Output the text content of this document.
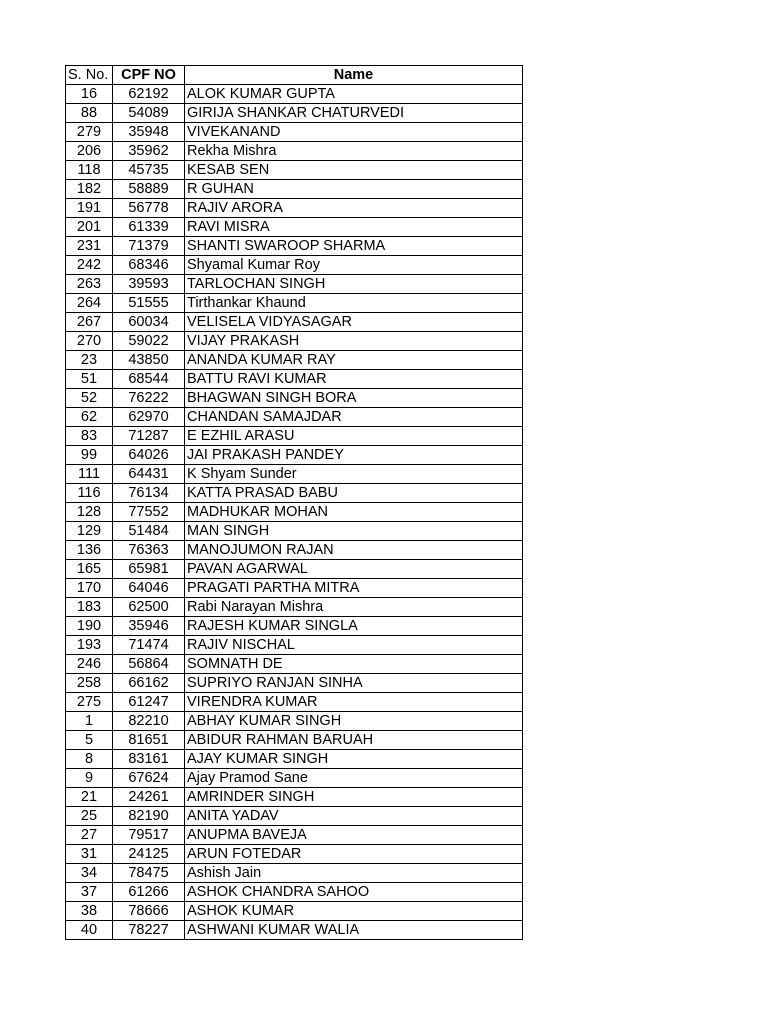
S. No.	CPF NO	Name
16	62192	ALOK KUMAR GUPTA
88	54089	GIRIJA SHANKAR CHATURVEDI
279	35948	VIVEKANAND
206	35962	Rekha Mishra
118	45735	KESAB SEN
182	58889	R GUHAN
191	56778	RAJIV ARORA
201	61339	RAVI MISRA
231	71379	SHANTI SWAROOP SHARMA
242	68346	Shyamal Kumar Roy
263	39593	TARLOCHAN SINGH
264	51555	Tirthankar Khaund
267	60034	VELISELA VIDYASAGAR
270	59022	VIJAY PRAKASH
23	43850	ANANDA KUMAR RAY
51	68544	BATTU RAVI KUMAR
52	76222	BHAGWAN SINGH BORA
62	62970	CHANDAN SAMAJDAR
83	71287	E EZHIL ARASU
99	64026	JAI PRAKASH PANDEY
111	64431	K Shyam Sunder
116	76134	KATTA PRASAD BABU
128	77552	MADHUKAR MOHAN
129	51484	MAN SINGH
136	76363	MANOJUMON RAJAN
165	65981	PAVAN AGARWAL
170	64046	PRAGATI PARTHA MITRA
183	62500	Rabi Narayan Mishra
190	35946	RAJESH KUMAR SINGLA
193	71474	RAJIV NISCHAL
246	56864	SOMNATH DE
258	66162	SUPRIYO RANJAN SINHA
275	61247	VIRENDRA KUMAR
1	82210	ABHAY KUMAR SINGH
5	81651	ABIDUR RAHMAN BARUAH
8	83161	AJAY KUMAR SINGH
9	67624	Ajay Pramod Sane
21	24261	AMRINDER SINGH
25	82190	ANITA YADAV
27	79517	ANUPMA BAVEJA
31	24125	ARUN FOTEDAR
34	78475	Ashish Jain
37	61266	ASHOK CHANDRA SAHOO
38	78666	ASHOK KUMAR
40	78227	ASHWANI KUMAR WALIA
